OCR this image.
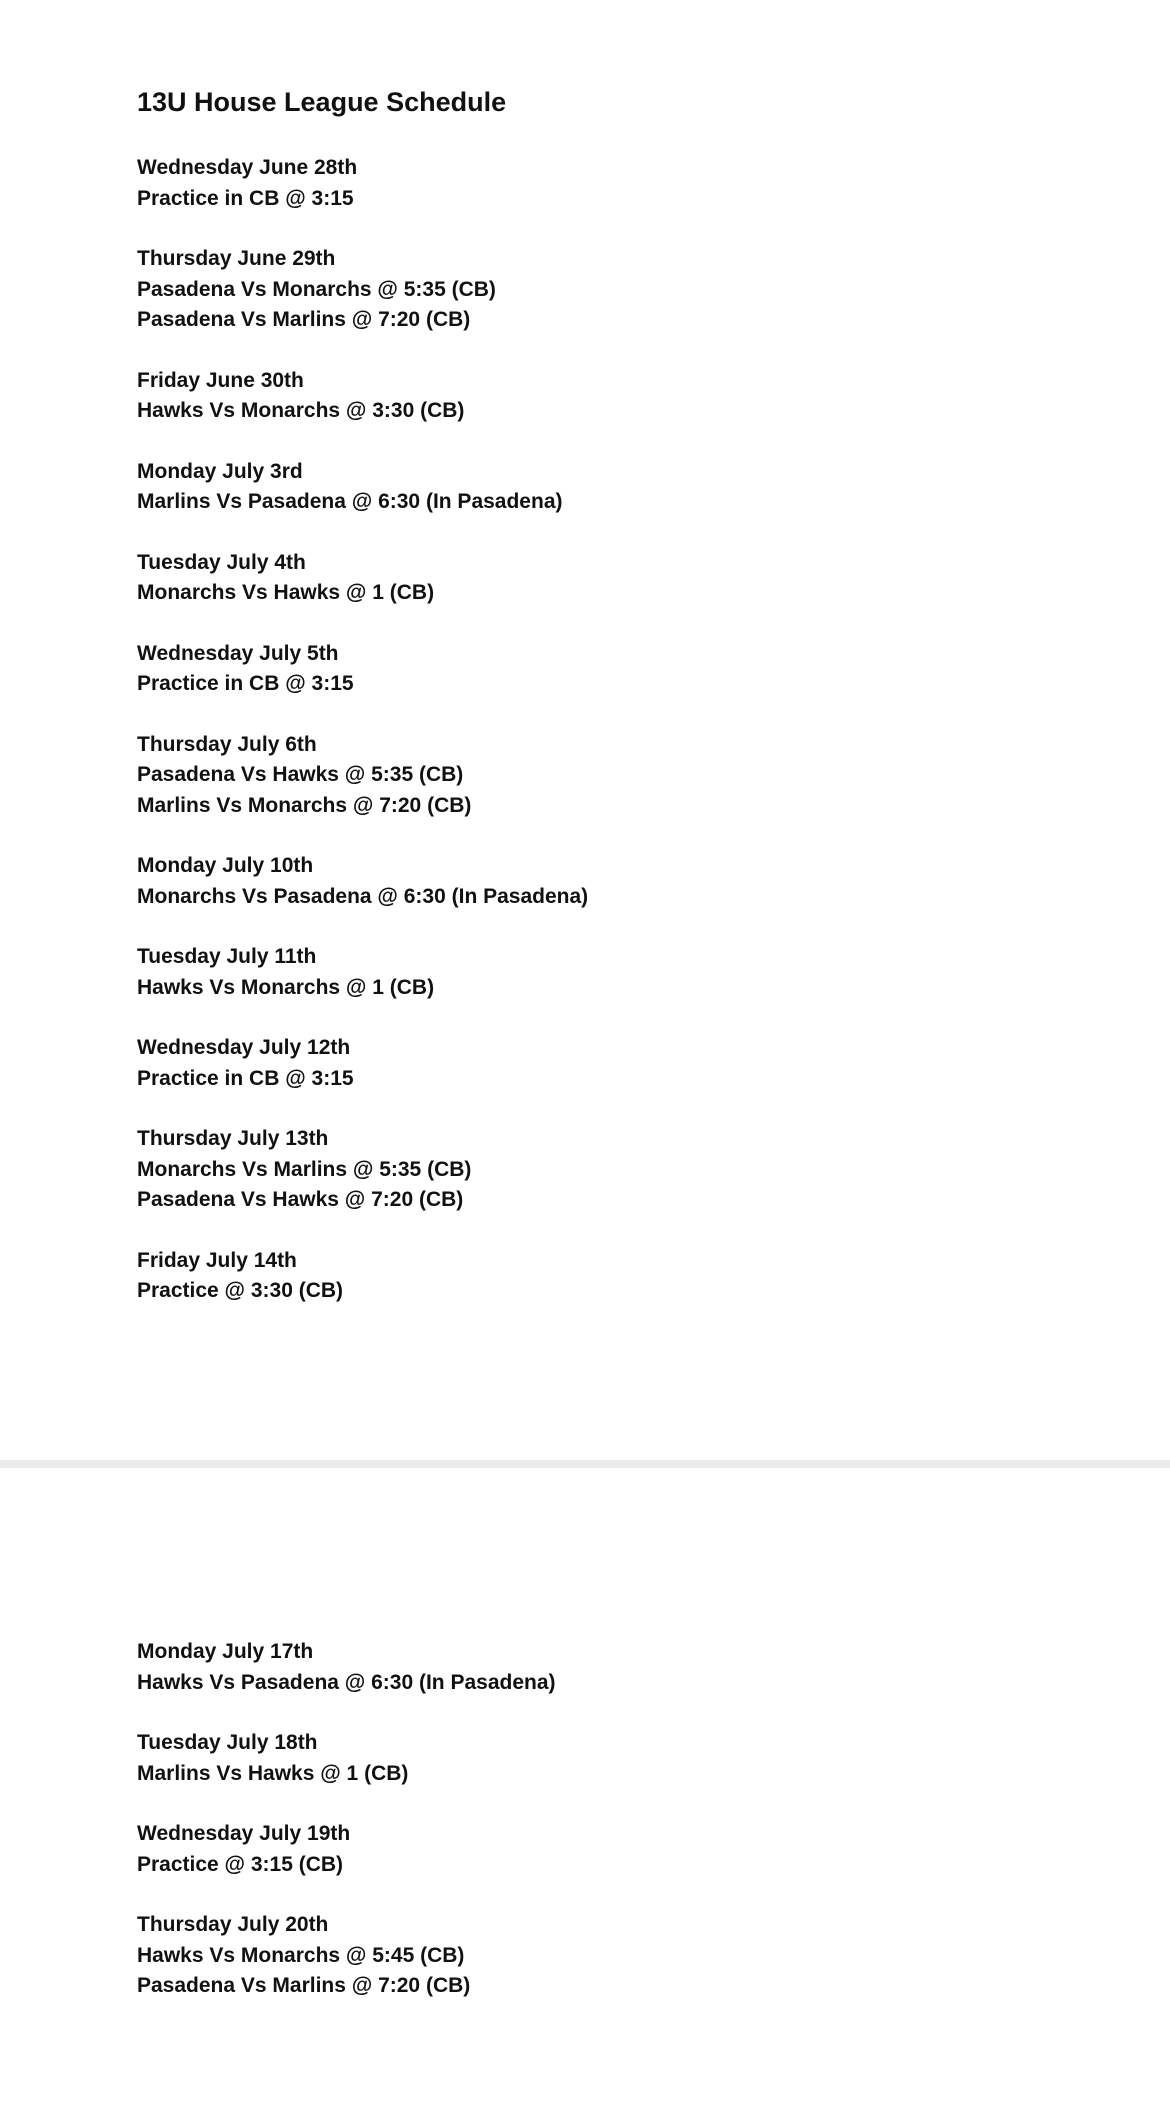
13U House League Schedule
Wednesday June 28th
Practice in CB @ 3:15
Thursday June 29th
Pasadena Vs Monarchs @ 5:35 (CB)
Pasadena Vs Marlins @ 7:20 (CB)
Friday June 30th
Hawks Vs Monarchs @ 3:30 (CB)
Monday July 3rd
Marlins Vs Pasadena @ 6:30 (In Pasadena)
Tuesday July 4th
Monarchs Vs Hawks @ 1 (CB)
Wednesday July 5th
Practice in CB @ 3:15
Thursday July 6th
Pasadena Vs Hawks @ 5:35 (CB)
Marlins Vs Monarchs @ 7:20 (CB)
Monday July 10th
Monarchs Vs Pasadena @ 6:30 (In Pasadena)
Tuesday July 11th
Hawks Vs Monarchs @ 1 (CB)
Wednesday July 12th
Practice in CB @ 3:15
Thursday July 13th
Monarchs Vs Marlins @ 5:35 (CB)
Pasadena Vs Hawks @ 7:20 (CB)
Friday July 14th
Practice @ 3:30 (CB)
Monday July 17th
Hawks Vs Pasadena @ 6:30 (In Pasadena)
Tuesday July 18th
Marlins Vs Hawks @ 1 (CB)
Wednesday July 19th
Practice @ 3:15 (CB)
Thursday July 20th
Hawks Vs Monarchs @ 5:45 (CB)
Pasadena Vs Marlins @ 7:20 (CB)
